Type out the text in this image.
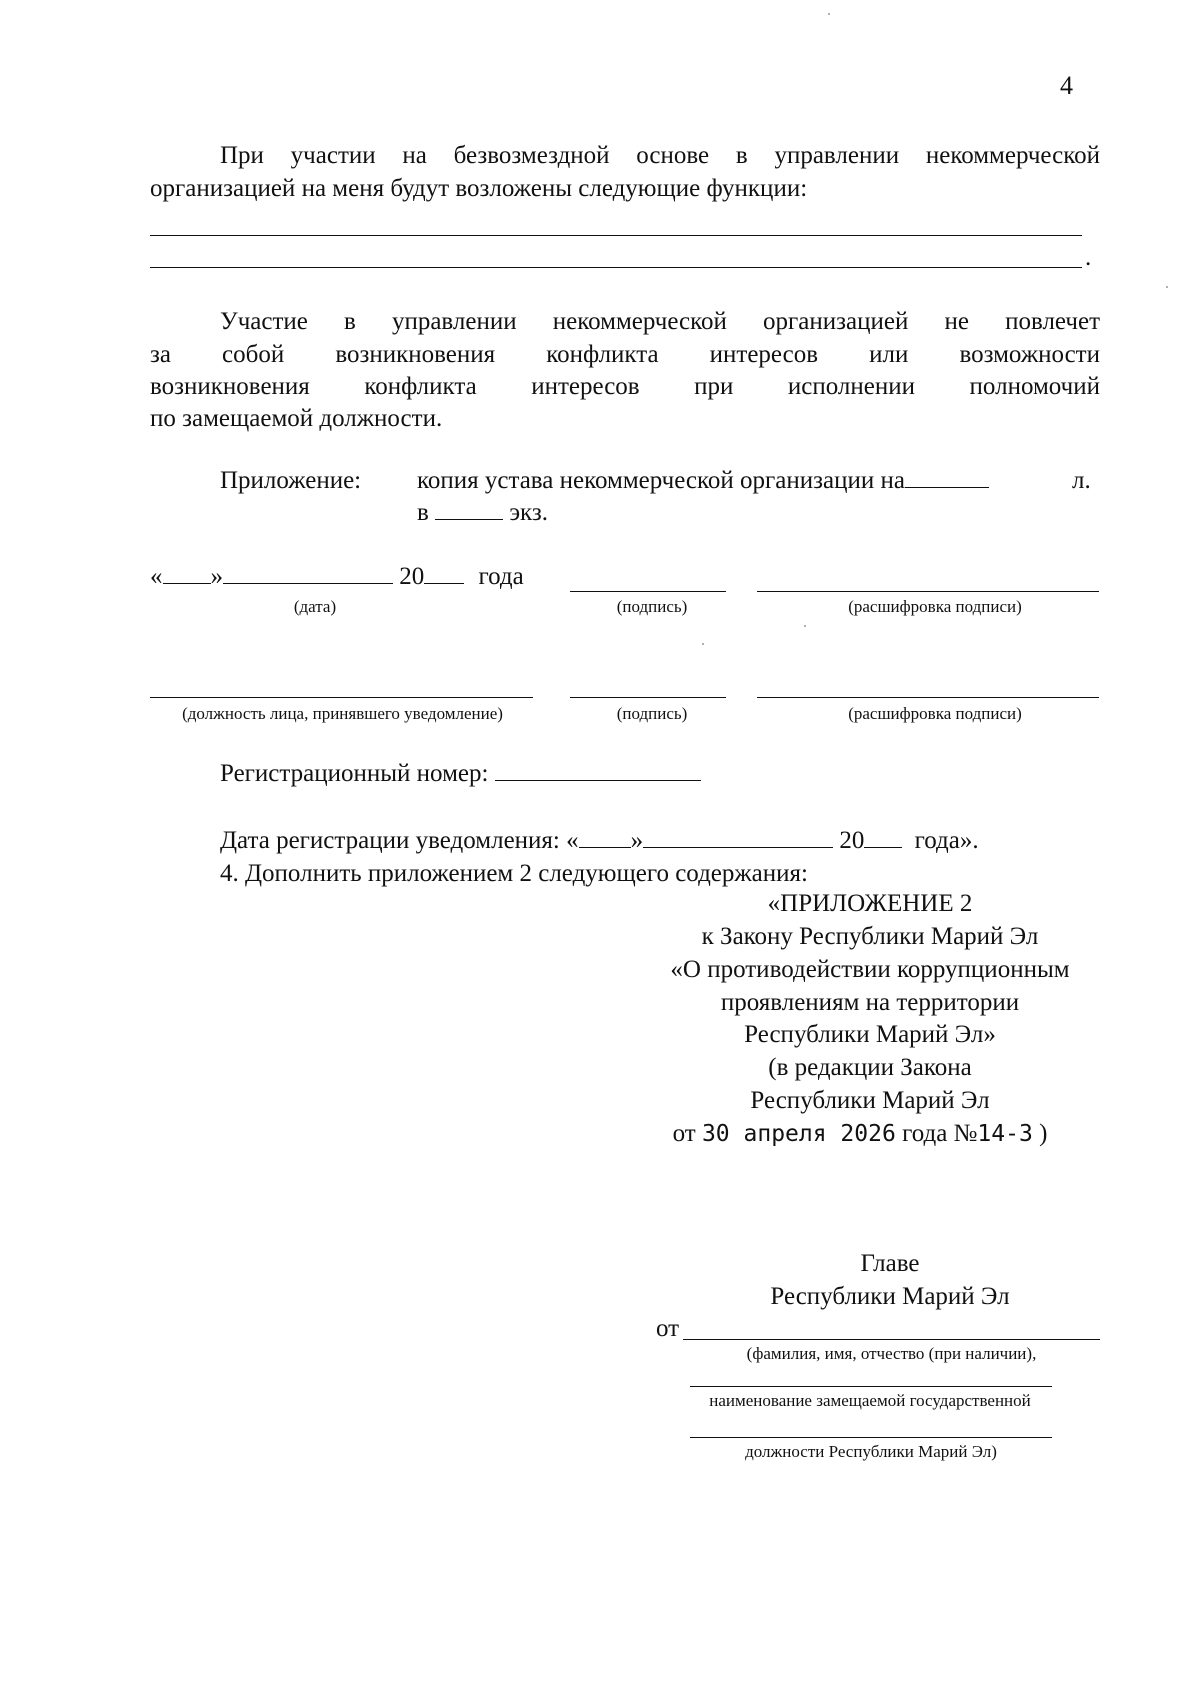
4
При участии на безвозмездной основе в управлении некоммерческой
организацией на меня будут возложены следующие функции:
.
Участие в управлении некоммерческой организацией не повлечет
за собой возникновения конфликта интересов или возможности
возникновения конфликта интересов при исполнении полномочий
по замещаемой должности.
Приложение: копия устава некоммерческой организации на	л.
в	экз.
« »	20 года
(дата)	(подпись)	(расшифровка подписи)
(должность лица, принявшего уведомление)	(подпись)	(расшифровка подписи)
Регистрационный номер:
Дата регистрации уведомления: « »	20 года».
4. Дополнить приложением 2 следующего содержания:
«ПРИЛОЖЕНИЕ 2
к Закону Республики Марий Эл
«О противодействии коррупционным
проявлениям на территории
Республики Марий Эл»
(в редакции Закона
Республики Марий Эл
от 30 апреля 2026 года №14-З )
Главе
Республики Марий Эл
от
(фамилия, имя, отчество (при наличии),
наименование замещаемой государственной
должности Республики Марий Эл)
